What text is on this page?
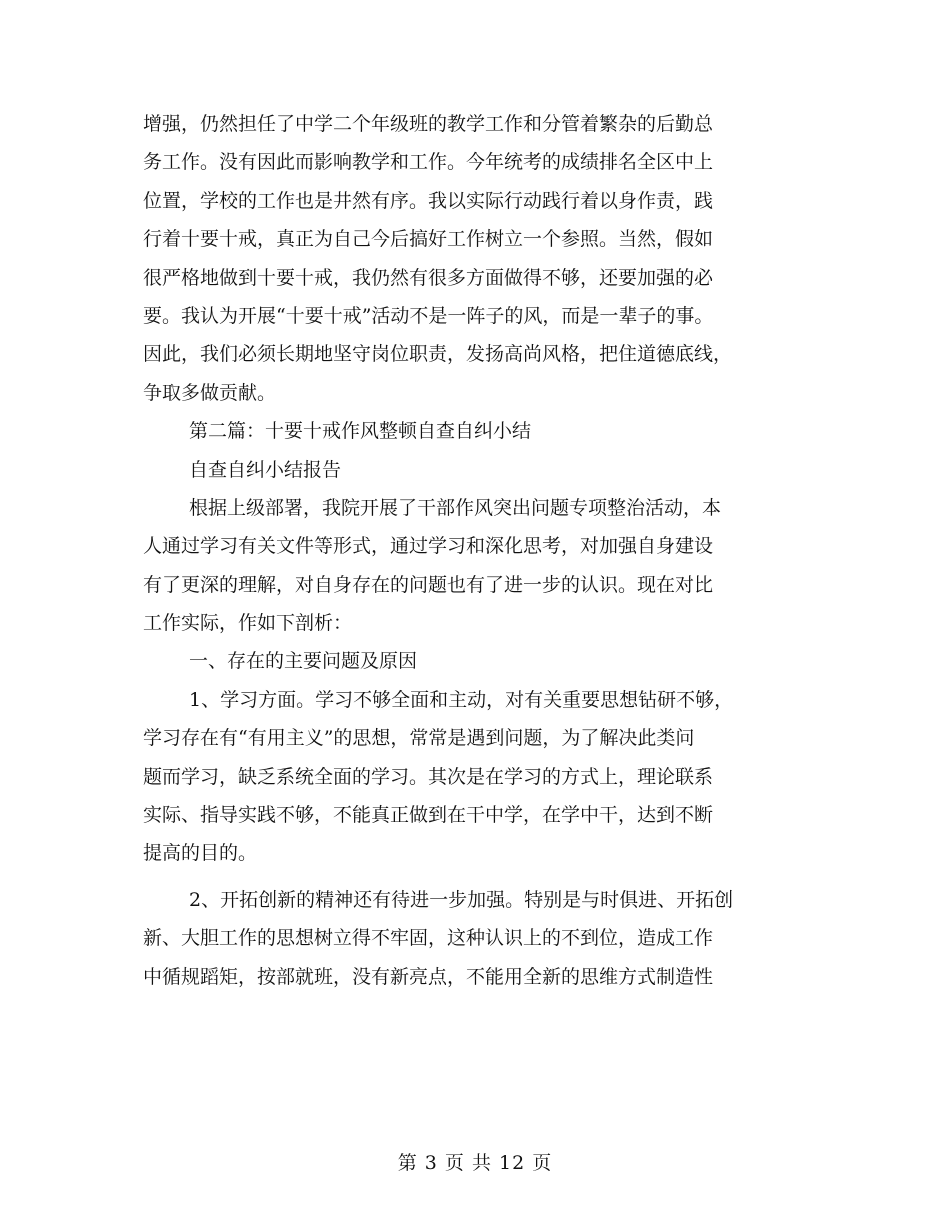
增强，仍然担任了中学二个年级班的教学工作和分管着繁杂的后勤总
务工作。没有因此而影响教学和工作。今年统考的成绩排名全区中上
位置，学校的工作也是井然有序。我以实际行动践行着以身作责，践
行着十要十戒，真正为自己今后搞好工作树立一个参照。当然，假如
很严格地做到十要十戒，我仍然有很多方面做得不够，还要加强的必
要。我认为开展“十要十戒”活动不是一阵子的风，而是一辈子的事。
因此，我们必须长期地坚守岗位职责，发扬高尚风格，把住道德底线，
争取多做贡献。
第二篇：十要十戒作风整顿自查自纠小结
自查自纠小结报告
根据上级部署，我院开展了干部作风突出问题专项整治活动，本
人通过学习有关文件等形式，通过学习和深化思考，对加强自身建设
有了更深的理解，对自身存在的问题也有了进一步的认识。现在对比
工作实际，作如下剖析：
一、存在的主要问题及原因
1、学习方面。学习不够全面和主动，对有关重要思想钻研不够，
学习存在有“有用主义”的思想，常常是遇到问题，为了解决此类问
题而学习，缺乏系统全面的学习。其次是在学习的方式上，理论联系
实际、指导实践不够，不能真正做到在干中学，在学中干，达到不断
提高的目的。
2、开拓创新的精神还有待进一步加强。特别是与时俱进、开拓创
新、大胆工作的思想树立得不牢固，这种认识上的不到位，造成工作
中循规蹈矩，按部就班，没有新亮点，不能用全新的思维方式制造性
第 3 页 共 12 页
